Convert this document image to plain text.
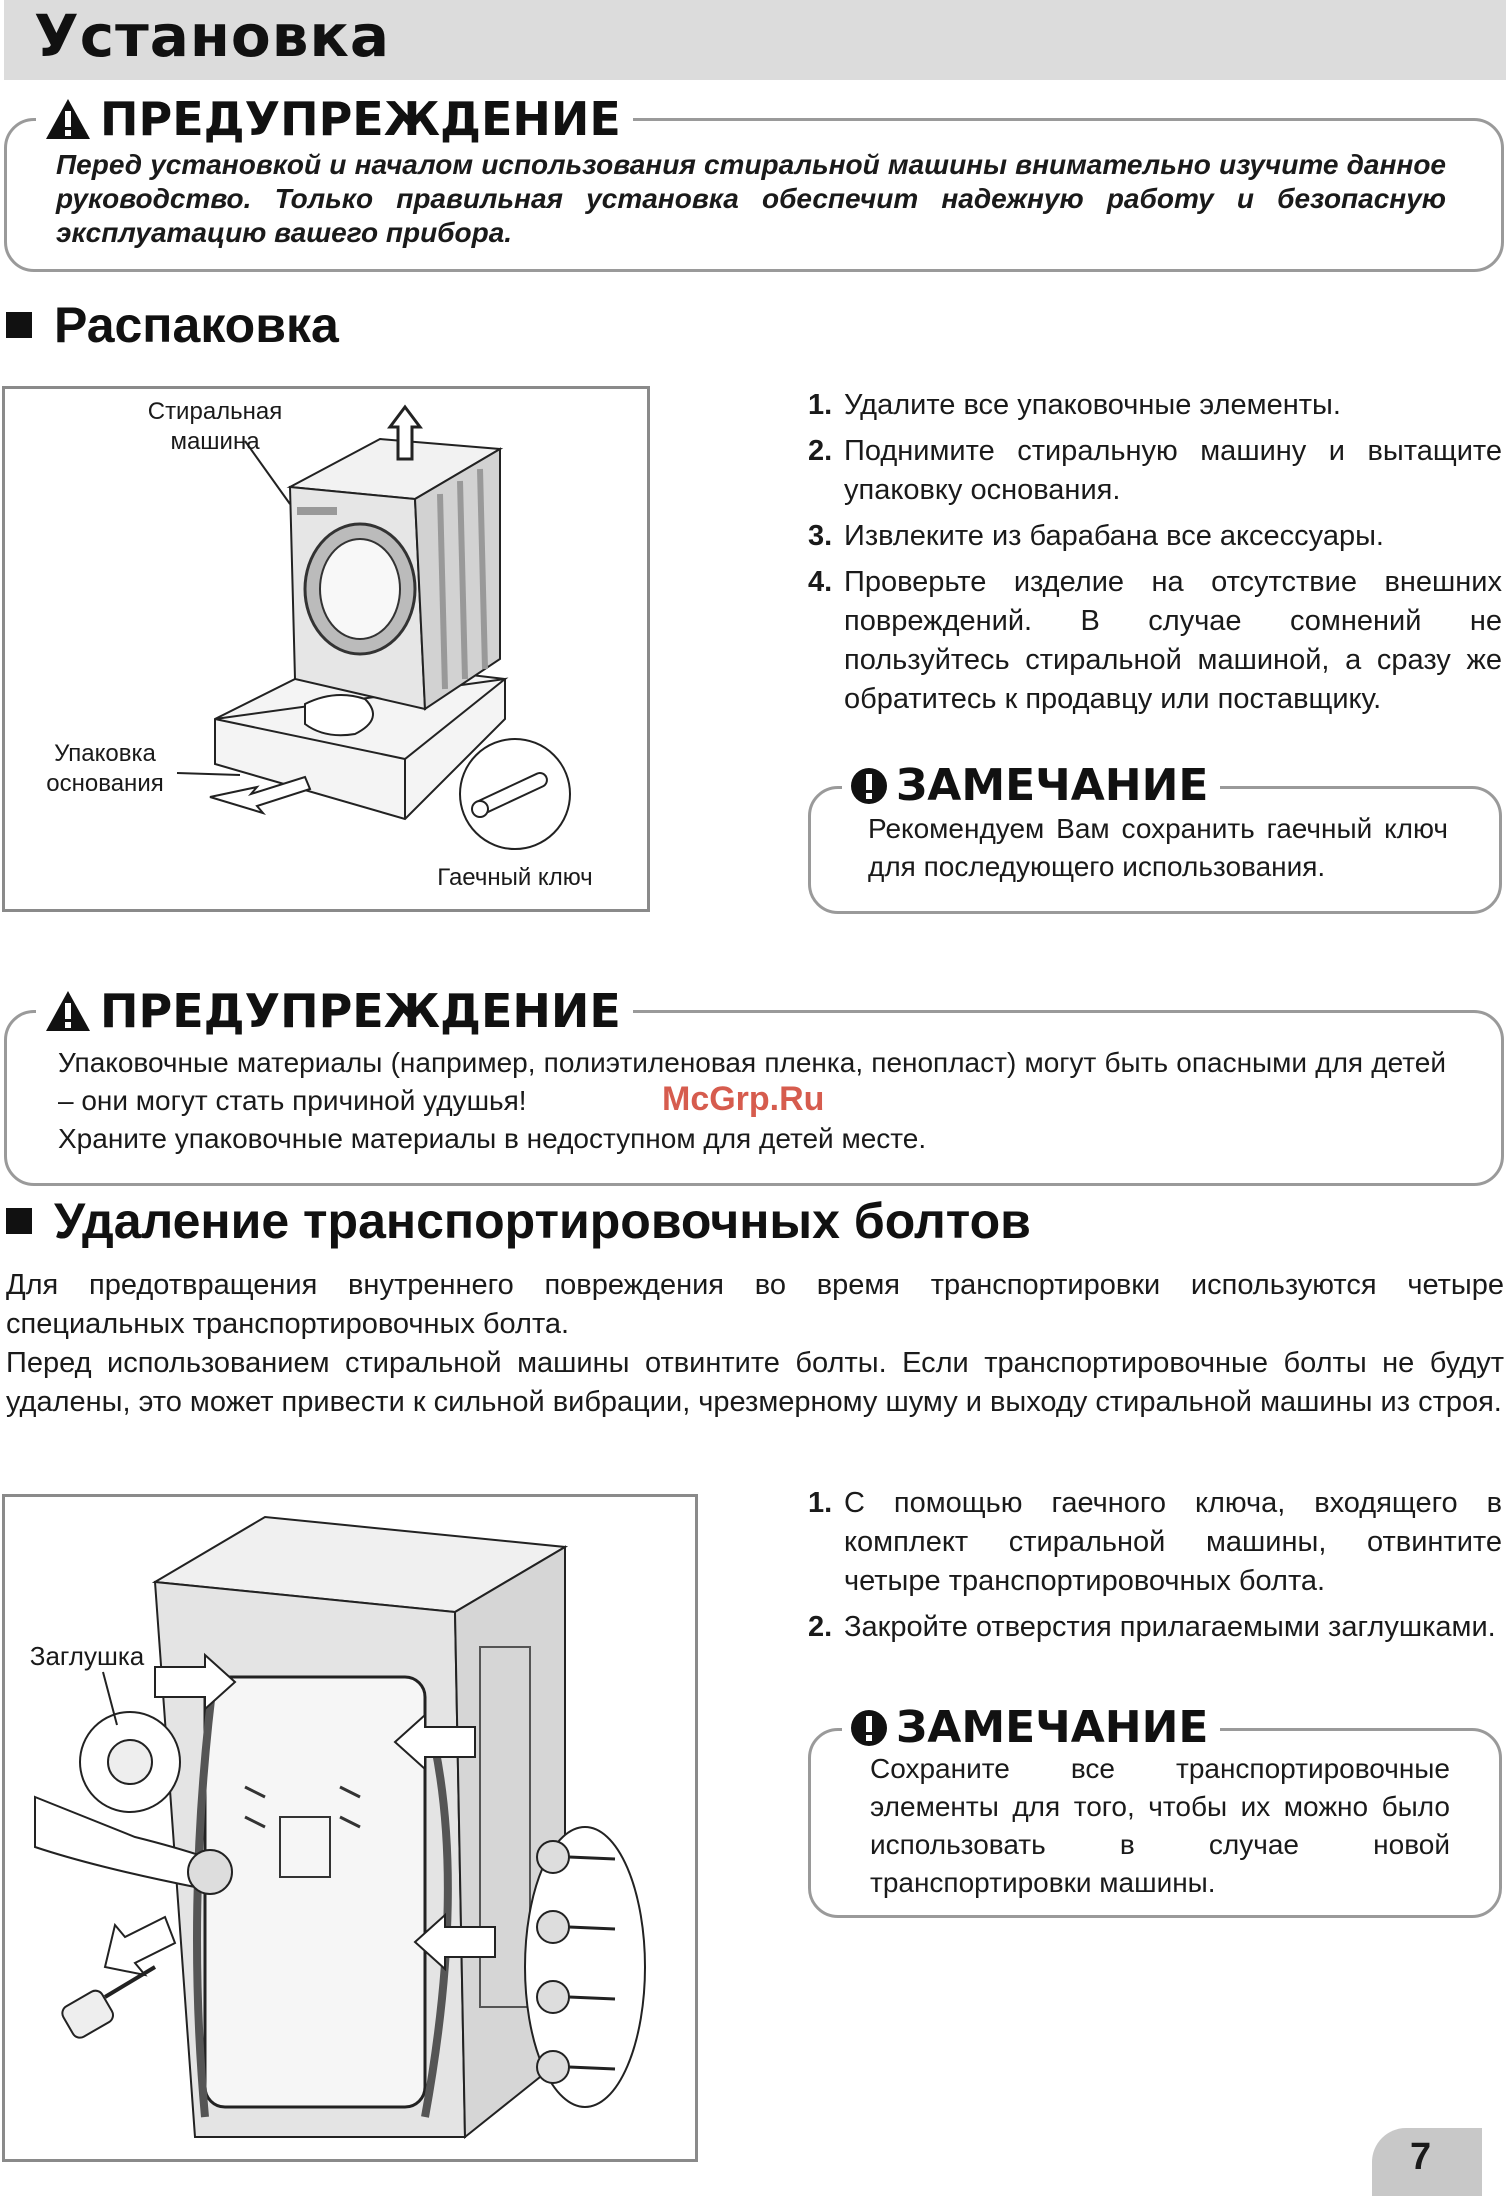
Установка
ПРЕДУПРЕЖДЕНИЕ
Перед установкой и началом использования стиральной машины внимательно изучите данное руководство. Только правильная установка обеспечит надежную работу и безопасную эксплуатацию вашего прибора.
Распаковка
Стиральная машина
Упаковка основания
Гаечный ключ
1. Удалите все упаковочные элементы.
2. Поднимите стиральную машину и вытащите упаковку основания.
3. Извлеките из барабана все аксессуары.
4. Проверьте изделие на отсутствие внешних повреждений. В случае сомнений не пользуйтесь стиральной машиной, а сразу же обратитесь к продавцу или поставщику.
ЗАМЕЧАНИЕ
Рекомендуем Вам сохранить гаечный ключ для последующего использования.
ПРЕДУПРЕЖДЕНИЕ
Упаковочные материалы (например, полиэтиленовая пленка, пенопласт) могут быть опасными для детей – они могут стать причиной удушья!
Храните упаковочные материалы в недоступном для детей месте.
McGrp.Ru
Удаление транспортировочных болтов
Для предотвращения внутреннего повреждения во время транспортировки используются четыре специальных транспортировочных болта.
Перед использованием стиральной машины отвинтите болты. Если транспортировочные болты не будут удалены, это может привести к сильной вибрации, чрезмерному шуму и выходу стиральной машины из строя.
Заглушка
1. С помощью гаечного ключа, входящего в комплект стиральной машины, отвинтите четыре транспортировочных болта.
2. Закройте отверстия прилагаемыми заглушками.
ЗАМЕЧАНИЕ
Сохраните все транспортировочные элементы для того, чтобы их можно было использовать в случае новой транспортировки машины.
7
